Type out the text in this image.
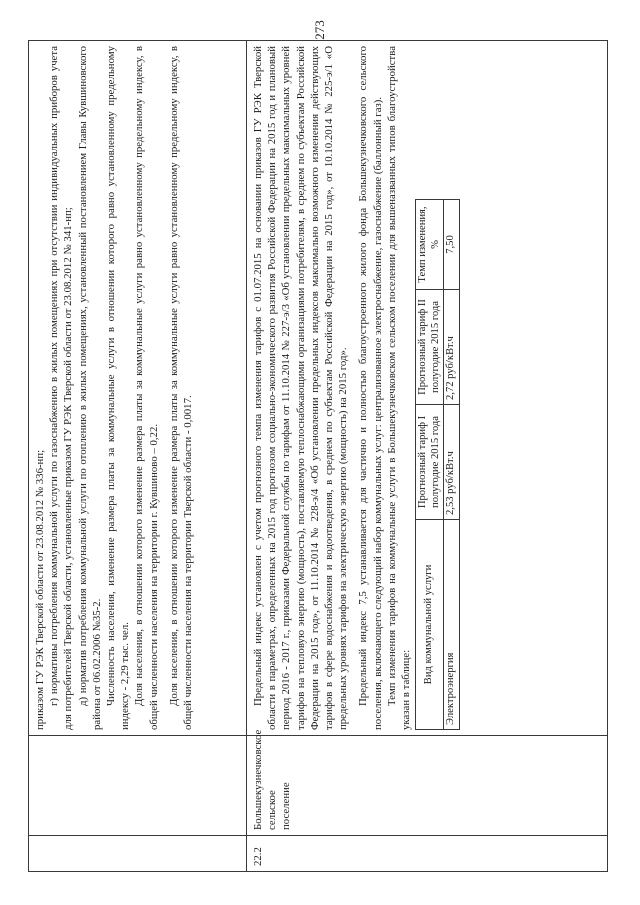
273

приказом ГУ РЭК Тверской области от 23.08.2012 № 336-нп; г) нормативы потребления коммунальной услуги по газоснабжению в жилых помещениях при отсутствии индивидуальных приборов учета для потребителей Тверской области, установленные приказом ГУ РЭК Тверской области от 23.08.2012 № 341-нп; д) норматив потребления коммунальной услуги по отоплению в жилых помещениях, установленный постановлением Главы Кувшиновского района от 06.02.2006 №35-2. Численность населения, изменение размера платы за коммунальные услуги в отношении которого равно установленному предельному индексу - 2,29 тыс. чел. Доля населения, в отношении которого изменение размера платы за коммунальные услуги равно установленному предельному индексу, в общей численности населения на территории г. Кувшиново – 0,22. Доля населения, в отношении которого изменение размера платы за коммунальные услуги равно установленному предельному индексу, в общей численности населения на территории Тверской области - 0,0017.

22.2

Большекузнечковское сельское поселение

Предельный индекс установлен с учетом прогнозного темпа изменения тарифов с 01.07.2015 на основании приказов ГУ РЭК Тверской области в параметрах, определенных на 2015 год прогнозом социально-экономического развития Российской Федерации на 2015 год и плановый период 2016 - 2017 г., приказами Федеральной службы по тарифам от 11.10.2014 № 227-э/3 «Об установлении предельных максимальных уровней тарифов на тепловую энергию (мощность), поставляемую теплоснабжающими организациями потребителям, в среднем по субъектам Российской Федерации на 2015 год», от 11.10.2014 № 228-э/4 «Об установлении предельных индексов максимально возможного изменения действующих тарифов в сфере водоснабжения и водоотведения, в среднем по субъектам Российской Федерации на 2015 год», от 10.10.2014 № 225-э/1 «О предельных уровнях тарифов на электрическую энергию (мощность) на 2015 год». Предельный индекс 7,5 устанавливается для частично и полностью благоустроенного жилого фонда Большекузнечковского сельского поселения, включающего следующий набор коммунальных услуг: централизованное электроснабжение, газоснабжение (баллонный газ). Темп изменения тарифов на коммунальные услуги в Большекузнечковском сельском поселении для вышеназванных типов благоустройства указан в таблице:

Вид коммунальной услуги	Прогнозный тариф I полугодие 2015 года	Прогнозный тариф II полугодие 2015 года	Темп изменения, %
Электроэнергия	2,53 руб/кВт.ч	2,72 руб/кВт.ч	7,50
